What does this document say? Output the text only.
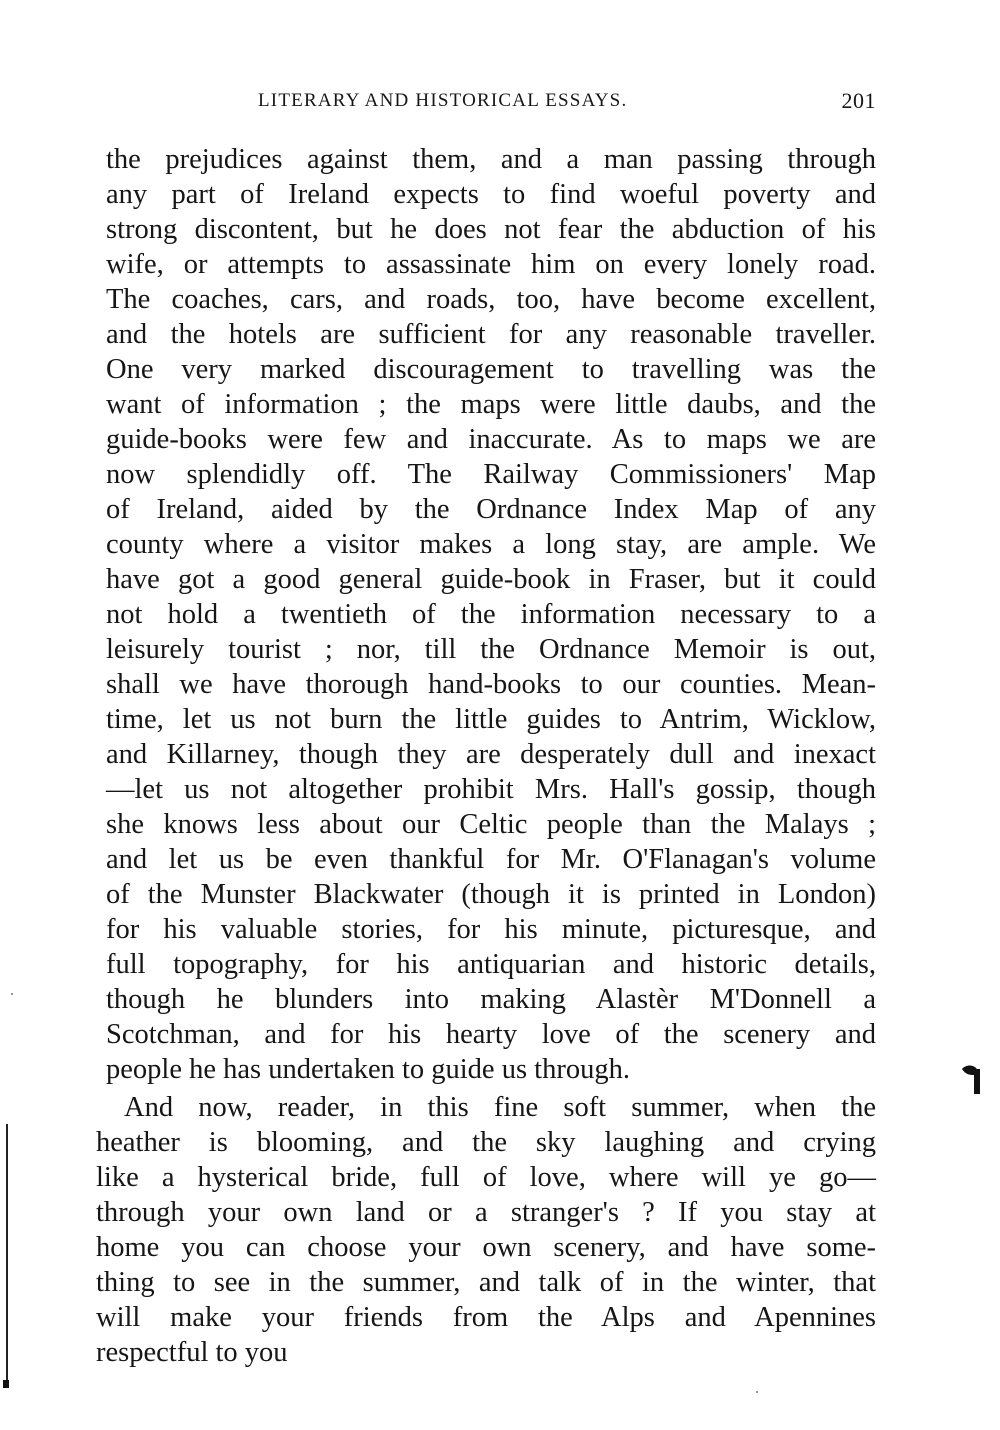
LITERARY AND HISTORICAL ESSAYS.	201
the prejudices against them, and a man passing through
any part of Ireland expects to find woeful poverty and
strong discontent, but he does not fear the abduction of his
wife, or attempts to assassinate him on every lonely road.
The coaches, cars, and roads, too, have become excellent,
and the hotels are sufficient for any reasonable traveller.
One very marked discouragement to travelling was the
want of information ; the maps were little daubs, and the
guide-books were few and inaccurate. As to maps we are
now splendidly off. The Railway Commissioners' Map
of Ireland, aided by the Ordnance Index Map of any
county where a visitor makes a long stay, are ample. We
have got a good general guide-book in Fraser, but it could
not hold a twentieth of the information necessary to a
leisurely tourist ; nor, till the Ordnance Memoir is out,
shall we have thorough hand-books to our counties. Mean-
time, let us not burn the little guides to Antrim, Wicklow,
and Killarney, though they are desperately dull and inexact
—let us not altogether prohibit Mrs. Hall's gossip, though
she knows less about our Celtic people than the Malays ;
and let us be even thankful for Mr. O'Flanagan's volume
of the Munster Blackwater (though it is printed in London)
for his valuable stories, for his minute, picturesque, and
full topography, for his antiquarian and historic details,
though he blunders into making Alastèr M'Donnell a
Scotchman, and for his hearty love of the scenery and
people he has undertaken to guide us through.
And now, reader, in this fine soft summer, when the
heather is blooming, and the sky laughing and crying
like a hysterical bride, full of love, where will ye go—
through your own land or a stranger's ? If you stay at
home you can choose your own scenery, and have some-
thing to see in the summer, and talk of in the winter, that
will make your friends from the Alps and Apennines
respectful to you
